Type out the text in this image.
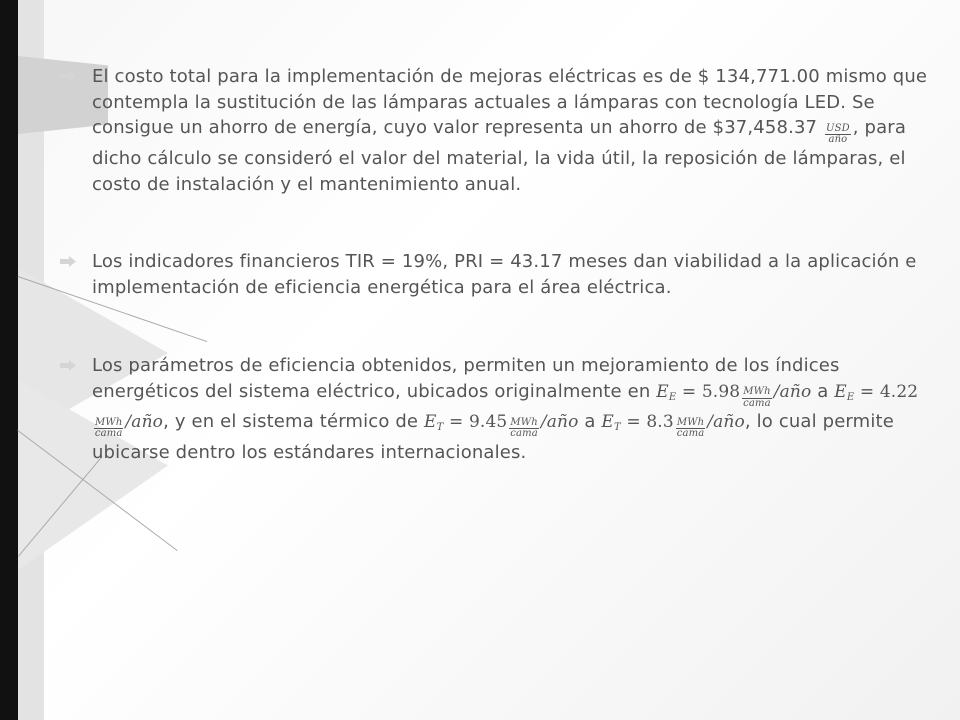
El costo total para la implementación de mejoras eléctricas es de $ 134,771.00 mismo que contempla la sustitución de las lámparas actuales a lámparas con tecnología LED. Se consigue un ahorro de energía, cuyo valor representa un ahorro de $37,458.37 $\frac{\text{USD}}{\text{año}}$ , para dicho cálculo se consideró el valor del material, la vida útil, la reposición de lámparas, el costo de instalación y el mantenimiento anual.
Los indicadores financieros TIR = 19%, PRI = 43.17 meses dan viabilidad a la aplicación e implementación de eficiencia energética para el área eléctrica.
Los parámetros de eficiencia obtenidos, permiten un mejoramiento de los índices energéticos del sistema eléctrico, ubicados originalmente en $E_E = 5.98 \frac{\text{MWh}}{\text{cama}}$ /año a $E_E = 4.22$
$\frac{\text{MWh}}{\text{cama}}$ /año, y en el sistema térmico de $E_T = 9.45 \frac{\text{MWh}}{\text{cama}}$ /año a $E_T = 8.3 \frac{\text{MWh}}{\text{cama}}$ /año, lo cual permite ubicarse dentro los estándares internacionales.
